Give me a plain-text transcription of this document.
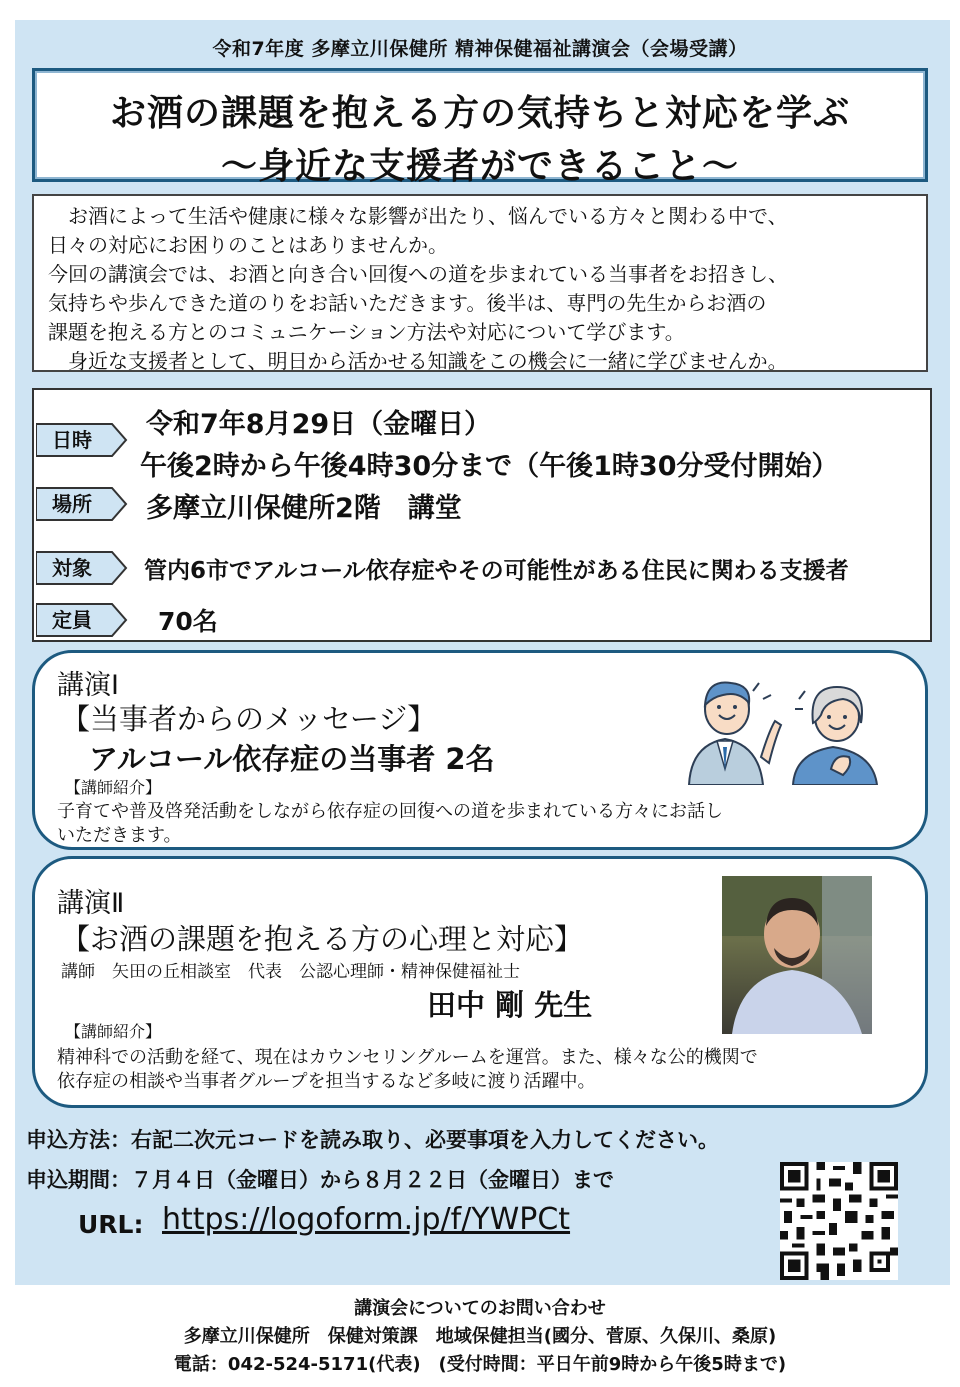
令和7年度 多摩立川保健所 精神保健福祉講演会（会場受講）
お酒の課題を抱える方の気持ちと対応を学ぶ
～身近な支援者ができること～

　お酒によって生活や健康に様々な影響が出たり、悩んでいる方々と関わる中で、

日々の対応にお困りのことはありませんか。

今回の講演会では、お酒と向き合い回復への道を歩まれている当事者をお招きし、

気持ちや歩んできた道のりをお話いただきます。後半は、専門の先生からお酒の

課題を抱える方とのコミュニケーション方法や対応について学びます。

　身近な支援者として、明日から活かせる知識をこの機会に一緒に学びませんか。

日時 令和7年8月29日（金曜日）
午後2時から午後4時30分まで（午後1時30分受付開始）
場所 多摩立川保健所2階　講堂
対象 管内6市でアルコール依存症やその可能性がある住民に関わる支援者
定員	70名
講演Ⅰ
【当事者からのメッセージ】
アルコール依存症の当事者 2名
【講師紹介】
子育てや普及啓発活動をしながら依存症の回復への道を歩まれている方々にお話し
いただきます。
講演Ⅱ
【お酒の課題を抱える方の心理と対応】
講師　矢田の丘相談室　代表　公認心理師・精神保健福祉士
田中 剛 先生
【講師紹介】
精神科での活動を経て、現在はカウンセリングルームを運営。また、様々な公的機関で
依存症の相談や当事者グループを担当するなど多岐に渡り活躍中。
申込方法：右記二次元コードを読み取り、必要事項を入力してください。
申込期間：７月４日（金曜日）から８月２２日（金曜日）まで
URL: https://logoform.jp/f/YWPCt
講演会についてのお問い合わせ
多摩立川保健所　保健対策課　地域保健担当(國分、菅原、久保川、桑原)
電話：042-524-5171(代表)　(受付時間：平日午前9時から午後5時まで)
